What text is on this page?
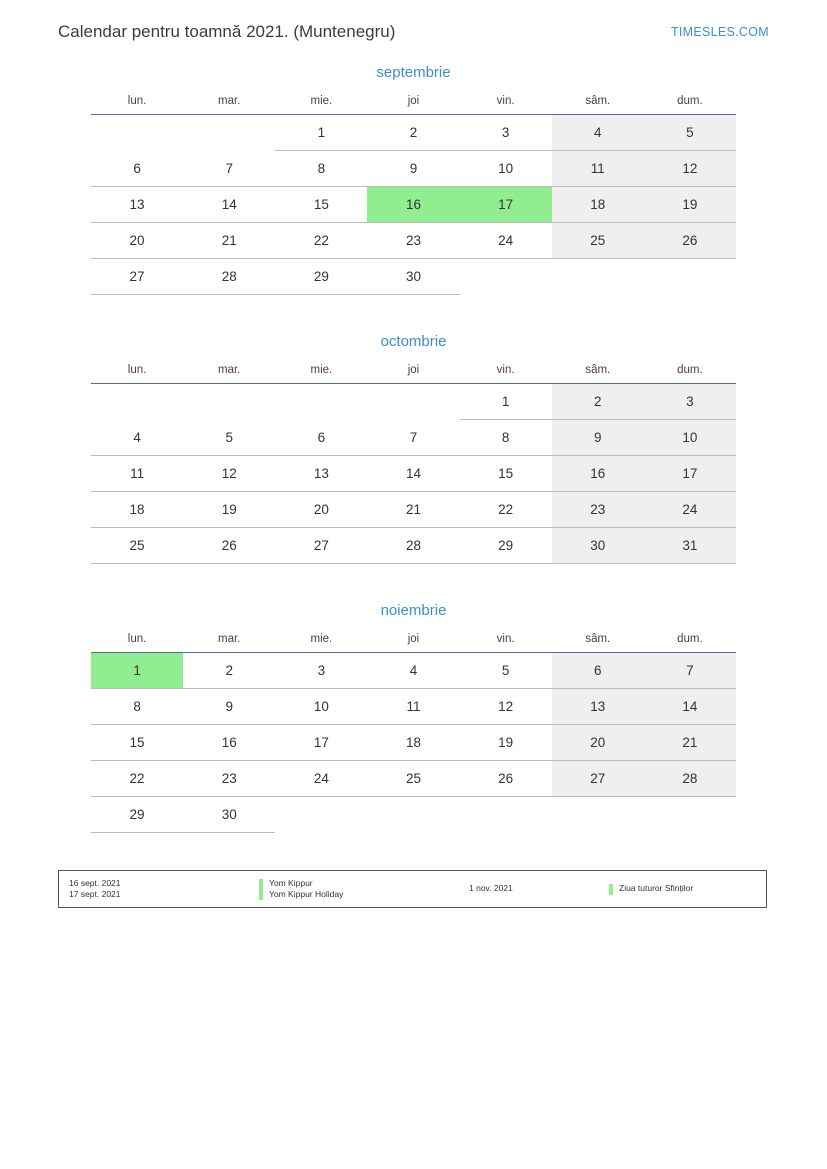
Calendar pentru toamnă 2021. (Muntenegru)	TIMESLES.COM
septembrie
lun.	mar.	mie.	joi	vin.	sâm.	dum.

		1	2	3	4	5

6	7	8	9	10	11	12

13	14	15	16	17	18	19

20	21	22	23	24	25	26

27	28	29	30			

octombrie
lun.	mar.	mie.	joi	vin.	sâm.	dum.

				1	2	3

4	5	6	7	8	9	10

11	12	13	14	15	16	17

18	19	20	21	22	23	24

25	26	27	28	29	30	31
noiembrie
lun.	mar.	mie.	joi	vin.	sâm.	dum.

1	2	3	4	5	6	7

8	9	10	11	12	13	14

15	16	17	18	19	20	21

22	23	24	25	26	27	28

29	30					

16 sept. 2021
17 sept. 2021
Yom Kippur
Yom Kippur Holiday
1 nov. 2021	Ziua tuturor Sfinților
